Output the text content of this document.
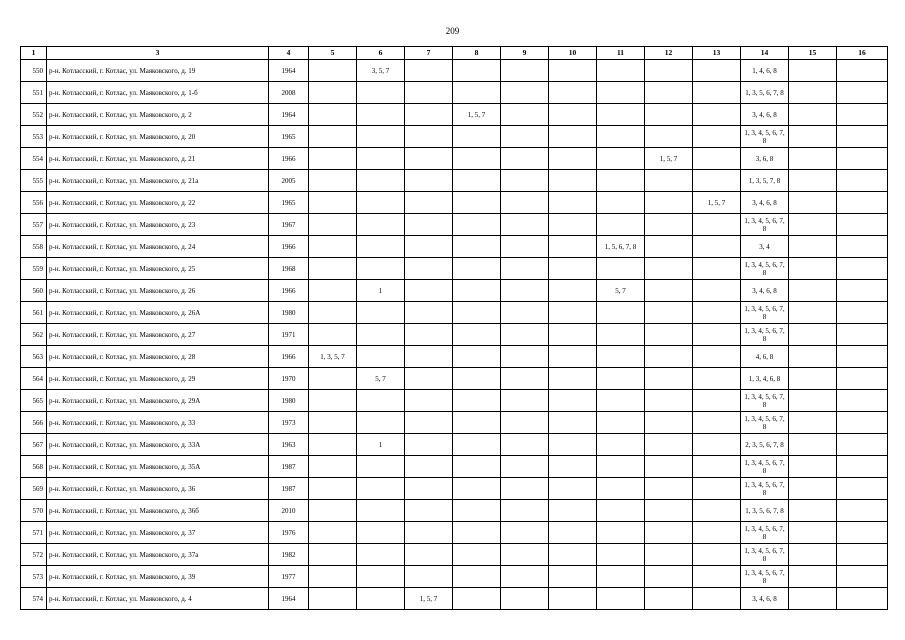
209
1	3	4	5	6	7	8	9	10	11	12	13	14	15	16
550	р-н. Котласский, г. Котлас, ул. Маяковского, д. 19	1964		3, 5, 7								1, 4, 6, 8		
551	р-н. Котласский, г. Котлас, ул. Маяковского, д. 1-б	2008										1, 3, 5, 6, 7, 8		
552	р-н. Котласский, г. Котлас, ул. Маяковского, д. 2	1964				1, 5, 7						3, 4, 6, 8		
553	р-н. Котласский, г. Котлас, ул. Маяковского, д. 20	1965										1, 3, 4, 5, 6, 7, 8		
554	р-н. Котласский, г. Котлас, ул. Маяковского, д. 21	1966								1, 5, 7		3, 6, 8		
555	р-н. Котласский, г. Котлас, ул. Маяковского, д. 21а	2005										1, 3, 5, 7, 8		
556	р-н. Котласский, г. Котлас, ул. Маяковского, д. 22	1965									1, 5, 7	3, 4, 6, 8		
557	р-н. Котласский, г. Котлас, ул. Маяковского, д. 23	1967										1, 3, 4, 5, 6, 7, 8		
558	р-н. Котласский, г. Котлас, ул. Маяковского, д. 24	1966							1, 5, 6, 7, 8			3, 4		
559	р-н. Котласский, г. Котлас, ул. Маяковского, д. 25	1968										1, 3, 4, 5, 6, 7, 8		
560	р-н. Котласский, г. Котлас, ул. Маяковского, д. 26	1966		1					5, 7			3, 4, 6, 8		
561	р-н. Котласский, г. Котлас, ул. Маяковского, д. 26А	1980										1, 3, 4, 5, 6, 7, 8		
562	р-н. Котласский, г. Котлас, ул. Маяковского, д. 27	1971										1, 3, 4, 5, 6, 7, 8		
563	р-н. Котласский, г. Котлас, ул. Маяковского, д. 28	1966	1, 3, 5, 7									4, 6, 8		
564	р-н. Котласский, г. Котлас, ул. Маяковского, д. 29	1970		5, 7								1, 3, 4, 6, 8		
565	р-н. Котласский, г. Котлас, ул. Маяковского, д. 29А	1980										1, 3, 4, 5, 6, 7, 8		
566	р-н. Котласский, г. Котлас, ул. Маяковского, д. 33	1973										1, 3, 4, 5, 6, 7, 8		
567	р-н. Котласский, г. Котлас, ул. Маяковского, д. 33А	1963		1								2, 3, 5, 6, 7, 8		
568	р-н. Котласский, г. Котлас, ул. Маяковского, д. 35А	1987										1, 3, 4, 5, 6, 7, 8		
569	р-н. Котласский, г. Котлас, ул. Маяковского, д. 36	1987										1, 3, 4, 5, 6, 7, 8		
570	р-н. Котласский, г. Котлас, ул. Маяковского, д. 36б	2010										1, 3, 5, 6, 7, 8		
571	р-н. Котласский, г. Котлас, ул. Маяковского, д. 37	1976										1, 3, 4, 5, 6, 7, 8		
572	р-н. Котласский, г. Котлас, ул. Маяковского, д. 37а	1982										1, 3, 4, 5, 6, 7, 8		
573	р-н. Котласский, г. Котлас, ул. Маяковского, д. 39	1977										1, 3, 4, 5, 6, 7, 8		
574	р-н. Котласский, г. Котлас, ул. Маяковского, д. 4	1964			1, 5, 7							3, 4, 6, 8		
